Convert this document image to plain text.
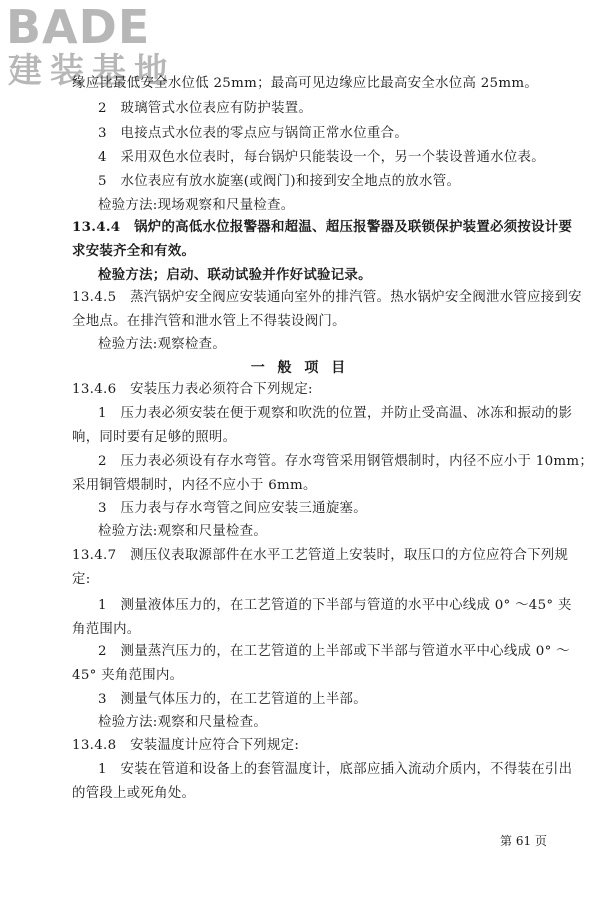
BADE
建装基地
缘应比最低安全水位低 25mm；最高可见边缘应比最高安全水位高 25mm。
2　玻璃管式水位表应有防护装置。
3　电接点式水位表的零点应与锅筒正常水位重合。
4　采用双色水位表时，每台锅炉只能装设一个，另一个装设普通水位表。
5　水位表应有放水旋塞(或阀门)和接到安全地点的放水管。
检验方法:现场观察和尺量检查。
13.4.4　锅炉的高低水位报警器和超温、超压报警器及联锁保护装置必须按设计要
求安装齐全和有效。
检验方法；启动、联动试验并作好试验记录。
13.4.5　蒸汽锅炉安全阀应安装通向室外的排汽管。热水锅炉安全阀泄水管应接到安
全地点。在排汽管和泄水管上不得装设阀门。
检验方法:观察检查。
一 般 项 目
13.4.6　安装压力表必须符合下列规定:
1　压力表必须安装在便于观察和吹洗的位置，并防止受高温、冰冻和振动的影
响，同时要有足够的照明。
2　压力表必须设有存水弯管。存水弯管采用钢管煨制时，内径不应小于 10mm；
采用铜管煨制时，内径不应小于 6mm。
3　压力表与存水弯管之间应安装三通旋塞。
检验方法:观察和尺量检查。
13.4.7　测压仪表取源部件在水平工艺管道上安装时，取压口的方位应符合下列规
定:
1　测量液体压力的，在工艺管道的下半部与管道的水平中心线成 0° ～45° 夹
角范围内。
2　测量蒸汽压力的，在工艺管道的上半部或下半部与管道水平中心线成 0° ～
45° 夹角范围内。
3　测量气体压力的，在工艺管道的上半部。
检验方法:观察和尺量检查。
13.4.8　安装温度计应符合下列规定:
1　安装在管道和设备上的套管温度计，底部应插入流动介质内，不得装在引出
的管段上或死角处。
第 61 页
